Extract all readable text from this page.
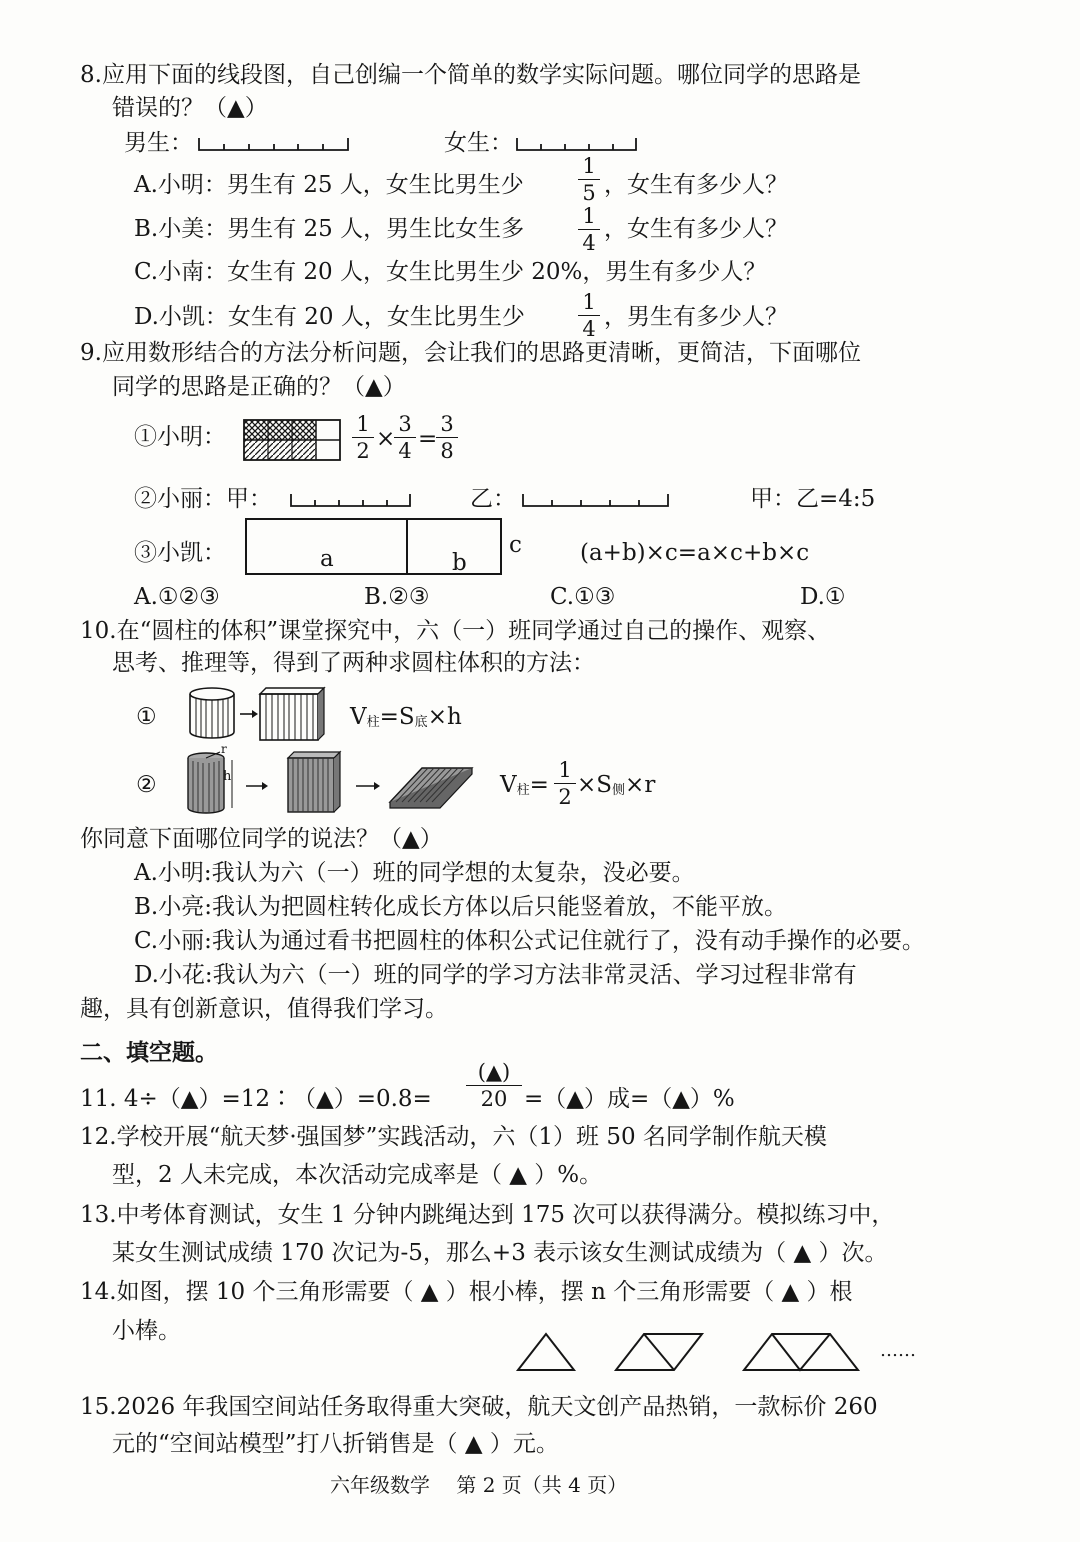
8.应用下面的线段图，自己创编一个简单的数学实际问题。哪位同学的思路是
错误的？（▲）
男生：	女生：
A.小明：男生有 25 人，女生比男生少
1
5 ，女生有多少人？
B.小美：男生有 25 人，男生比女生多	1
4
，女生有多少人？
C.小南：女生有 20 人，女生比男生少 20%，男生有多少人？
D.小凯：女生有 20 人，女生比男生少
1
4 ，男生有多少人？
9.应用数形结合的方法分析问题，会让我们的思路更清晰，更简洁，下面哪位
同学的思路是正确的？（▲）
①小明：	1
2 ×
3
4 =
3
8
②小丽：甲：	乙：	甲：乙=4:5
③小凯：	a	b
c	(a+b)×c=a×c+b×c
A.①②③	B.②③	C.①③	D.①
10.在“圆柱的体积”课堂探究中，六（一）班同学通过自己的操作、观察、
思考、推理等，得到了两种求圆柱体积的方法：
①	V柱=S底×h
②	h
r
V柱=
1
2 ×S侧×r
你同意下面哪位同学的说法？（▲）
A.小明:我认为六（一）班的同学想的太复杂，没必要。
B.小亮:我认为把圆柱转化成长方体以后只能竖着放，不能平放。
C.小丽:我认为通过看书把圆柱的体积公式记住就行了，没有动手操作的必要。
D.小花:我认为六（一）班的同学的学习方法非常灵活、学习过程非常有
趣，具有创新意识，值得我们学习。
二、填空题。
11. 4÷（▲）=12∶（▲）=0.8=
(▲)
20 =（▲）成=（▲）%
12.学校开展“航天梦·强国梦”实践活动，六（1）班 50 名同学制作航天模
型，2 人未完成，本次活动完成率是（ ▲ ）%。
13.中考体育测试，女生 1 分钟内跳绳达到 175 次可以获得满分。模拟练习中，
某女生测试成绩 170 次记为-5，那么+3 表示该女生测试成绩为（ ▲ ）次。
14.如图，摆 10 个三角形需要（ ▲ ）根小棒，摆 n 个三角形需要（ ▲ ）根
小棒。
……
15.2026 年我国空间站任务取得重大突破，航天文创产品热销，一款标价 260
元的“空间站模型”打八折销售是（ ▲ ）元。
六年级数学　 第 2 页（共 4 页）
